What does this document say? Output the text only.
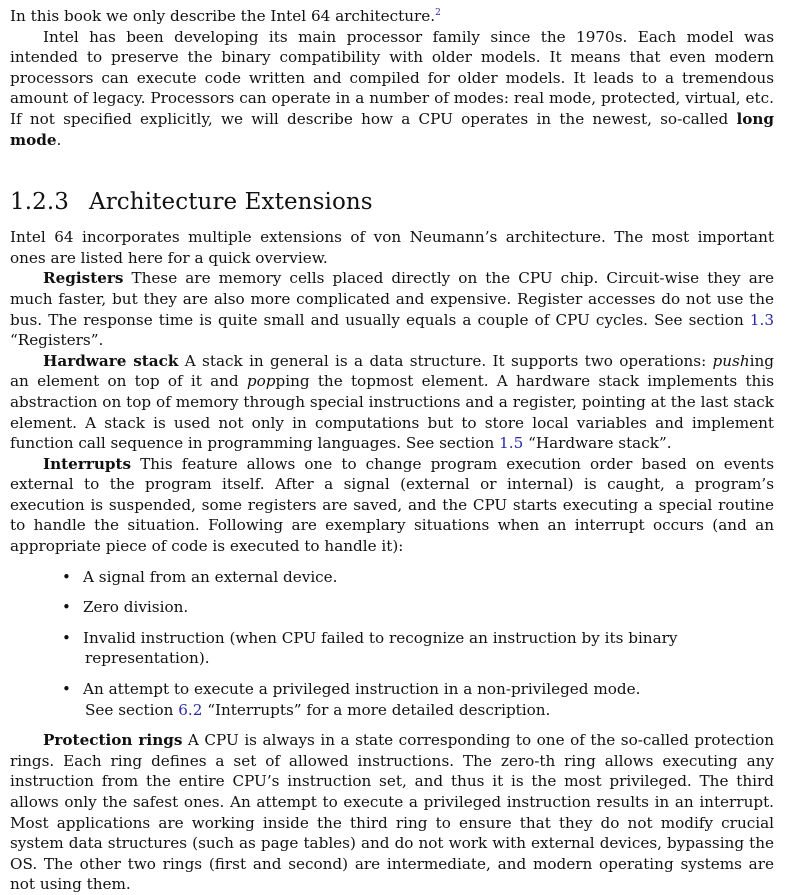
In this book we only describe the Intel 64 architecture.$^2$

Intel has been developing its main processor family since the 1970s. Each model was intended to preserve the binary compatibility with older models. It means that even modern processors can execute code written and compiled for older models. It leads to a tremendous amount of legacy. Processors can operate in a number of modes: real mode, protected, virtual, etc. If not specified explicitly, we will describe how a CPU operates in the newest, so-called long mode.

1.2.3 Architecture Extensions

Intel 64 incorporates multiple extensions of von Neumann’s architecture. The most important ones are listed here for a quick overview.

Registers These are memory cells placed directly on the CPU chip. Circuit-wise they are much faster, but they are also more complicated and expensive. Register accesses do not use the bus. The response time is quite small and usually equals a couple of CPU cycles. See section 1.3 “Registers”.

Hardware stack A stack in general is a data structure. It supports two operations: pushing an element on top of it and popping the topmost element. A hardware stack implements this abstraction on top of memory through special instructions and a register, pointing at the last stack element. A stack is used not only in computations but to store local variables and implement function call sequence in programming languages. See section 1.5 “Hardware stack”.

Interrupts This feature allows one to change program execution order based on events external to the program itself. After a signal (external or internal) is caught, a program’s execution is suspended, some registers are saved, and the CPU starts executing a special routine to handle the situation. Following are exemplary situations when an interrupt occurs (and an appropriate piece of code is executed to handle it):

• A signal from an external device.
• Zero division.
• Invalid instruction (when CPU failed to recognize an instruction by its binary
representation).
• An attempt to execute a privileged instruction in a non-privileged mode.
See section 6.2 “Interrupts” for a more detailed description.

Protection rings A CPU is always in a state corresponding to one of the so-called protection rings. Each ring defines a set of allowed instructions. The zero-th ring allows executing any instruction from the entire CPU’s instruction set, and thus it is the most privileged. The third allows only the safest ones. An attempt to execute a privileged instruction results in an interrupt. Most applications are working inside the third ring to ensure that they do not modify crucial system data structures (such as page tables) and do not work with external devices, bypassing the OS. The other two rings (first and second) are intermediate, and modern operating systems are not using them.
